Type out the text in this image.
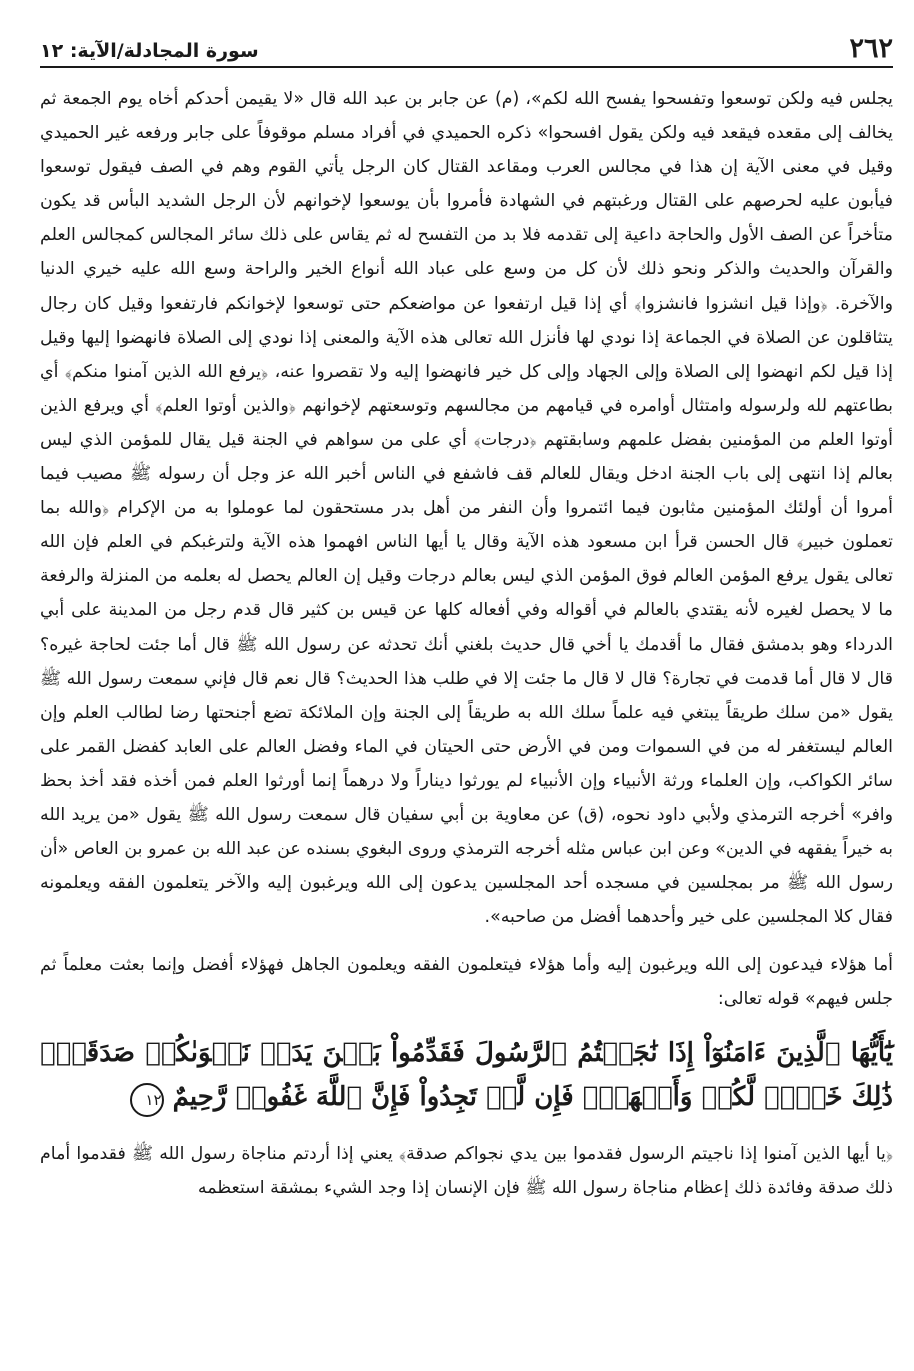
٢٦٢
سورة المجادلة/الآية: ١٢

يجلس فيه ولكن توسعوا وتفسحوا يفسح الله لكم»، (م) عن جابر بن عبد الله قال «لا يقيمن أحدكم أخاه يوم الجمعة ثم يخالف إلى مقعده فيقعد فيه ولكن يقول افسحوا» ذكره الحميدي في أفراد مسلم موقوفاً على جابر ورفعه غير الحميدي وقيل في معنى الآية إن هذا في مجالس العرب ومقاعد القتال كان الرجل يأتي القوم وهم في الصف فيقول توسعوا فيأبون عليه لحرصهم على القتال ورغبتهم في الشهادة فأمروا بأن يوسعوا لإخوانهم لأن الرجل الشديد البأس قد يكون متأخراً عن الصف الأول والحاجة داعية إلى تقدمه فلا بد من التفسح له ثم يقاس على ذلك سائر المجالس كمجالس العلم والقرآن والحديث والذكر ونحو ذلك لأن كل من وسع على عباد الله أنواع الخير والراحة وسع الله عليه خيري الدنيا والآخرة. ﴿وإذا قيل انشزوا فانشزوا﴾ أي إذا قيل ارتفعوا عن مواضعكم حتى توسعوا لإخوانكم فارتفعوا وقيل كان رجال يتثاقلون عن الصلاة في الجماعة إذا نودي لها فأنزل الله تعالى هذه الآية والمعنى إذا نودي إلى الصلاة فانهضوا إليها وقيل إذا قيل لكم انهضوا إلى الصلاة وإلى الجهاد وإلى كل خير فانهضوا إليه ولا تقصروا عنه، ﴿يرفع الله الذين آمنوا منكم﴾ أي بطاعتهم لله ولرسوله وامتثال أوامره في قيامهم من مجالسهم وتوسعتهم لإخوانهم ﴿والذين أوتوا العلم﴾ أي ويرفع الذين أوتوا العلم من المؤمنين بفضل علمهم وسابقتهم ﴿درجات﴾ أي على من سواهم في الجنة قيل يقال للمؤمن الذي ليس بعالم إذا انتهى إلى باب الجنة ادخل ويقال للعالم قف فاشفع في الناس أخبر الله عز وجل أن رسوله ﷺ مصيب فيما أمروا أن أولئك المؤمنين مثابون فيما ائتمروا وأن النفر من أهل بدر مستحقون لما عوملوا به من الإكرام ﴿والله بما تعملون خبير﴾ قال الحسن قرأ ابن مسعود هذه الآية وقال يا أيها الناس افهموا هذه الآية ولترغبكم في العلم فإن الله تعالى يقول يرفع المؤمن العالم فوق المؤمن الذي ليس بعالم درجات وقيل إن العالم يحصل له بعلمه من المنزلة والرفعة ما لا يحصل لغيره لأنه يقتدي بالعالم في أقواله وفي أفعاله كلها عن قيس بن كثير قال قدم رجل من المدينة على أبي الدرداء وهو بدمشق فقال ما أقدمك يا أخي قال حديث بلغني أنك تحدثه عن رسول الله ﷺ قال أما جئت لحاجة غيره؟ قال لا قال أما قدمت في تجارة؟ قال لا قال ما جئت إلا في طلب هذا الحديث؟ قال نعم قال فإني سمعت رسول الله ﷺ يقول «من سلك طريقاً يبتغي فيه علماً سلك الله به طريقاً إلى الجنة وإن الملائكة تضع أجنحتها رضا لطالب العلم وإن العالم ليستغفر له من في السموات ومن في الأرض حتى الحيتان في الماء وفضل العالم على العابد كفضل القمر على سائر الكواكب، وإن العلماء ورثة الأنبياء وإن الأنبياء لم يورثوا ديناراً ولا درهماً إنما أورثوا العلم فمن أخذه فقد أخذ بحظ وافر» أخرجه الترمذي ولأبي داود نحوه، (ق) عن معاوية بن أبي سفيان قال سمعت رسول الله ﷺ يقول «من يريد الله به خيراً يفقهه في الدين» وعن ابن عباس مثله أخرجه الترمذي وروى البغوي بسنده عن عبد الله بن عمرو بن العاص «أن رسول الله ﷺ مر بمجلسين في مسجده أحد المجلسين يدعون إلى الله ويرغبون إليه والآخر يتعلمون الفقه ويعلمونه فقال كلا المجلسين على خير وأحدهما أفضل من صاحبه».

أما هؤلاء فيدعون إلى الله ويرغبون إليه وأما هؤلاء فيتعلمون الفقه ويعلمون الجاهل فهؤلاء أفضل وإنما بعثت معلماً ثم جلس فيهم» قوله تعالى:

يَٰٓأَيُّهَا ٱلَّذِينَ ءَامَنُوٓاْ إِذَا نَٰجَيۡتُمُ ٱلرَّسُولَ فَقَدِّمُواْ بَيۡنَ يَدَيۡ نَجۡوَىٰكُمۡ صَدَقَةٗۚ ذَٰلِكَ خَيۡرٞ لَّكُمۡ وَأَطۡهَرُۚ فَإِن لَّمۡ تَجِدُواْ فَإِنَّ ٱللَّهَ غَفُورٞ رَّحِيمٌ ١٢

﴿يا أيها الذين آمنوا إذا ناجيتم الرسول فقدموا بين يدي نجواكم صدقة﴾ يعني إذا أردتم مناجاة رسول الله ﷺ فقدموا أمام ذلك صدقة وفائدة ذلك إعظام مناجاة رسول الله ﷺ فإن الإنسان إذا وجد الشيء بمشقة استعظمه
